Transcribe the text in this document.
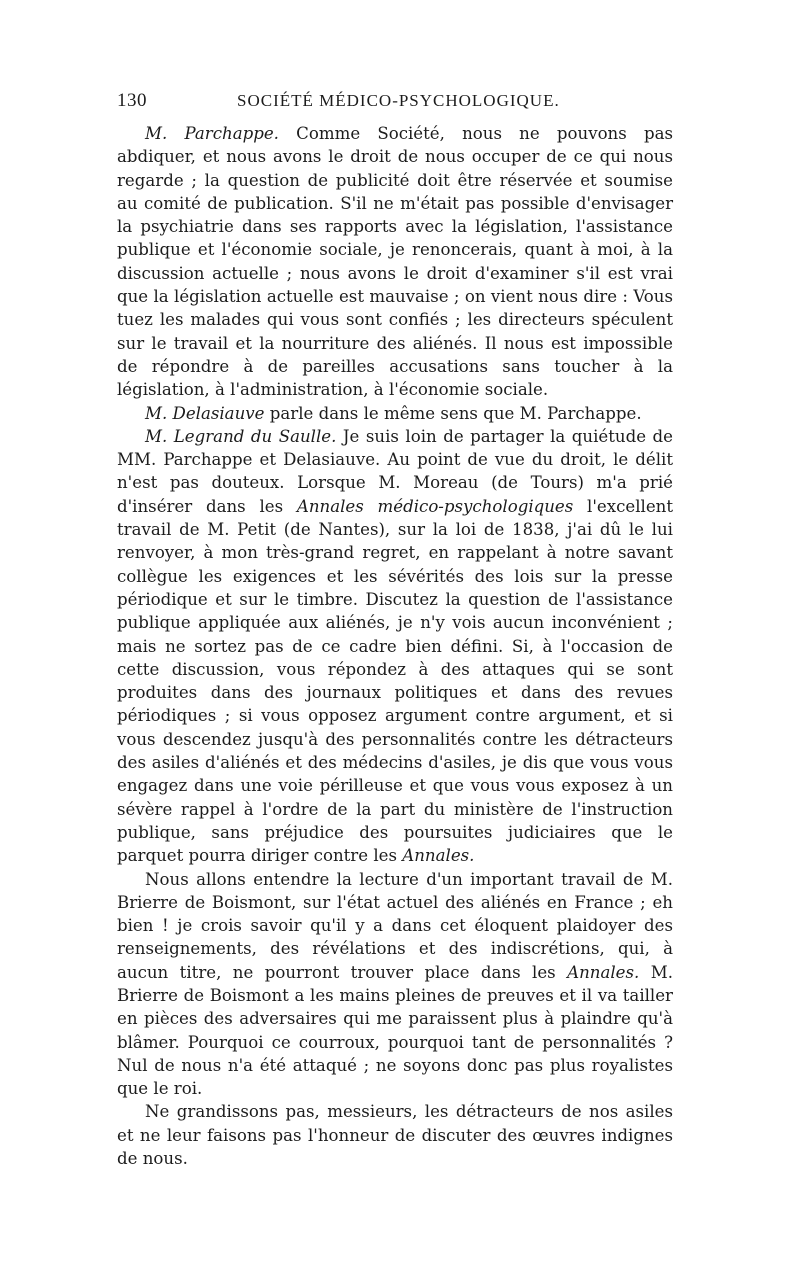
130	SOCIÉTÉ MÉDICO-PSYCHOLOGIQUE.

M. Parchappe. Comme Société, nous ne pouvons pas abdiquer, et nous avons le droit de nous occuper de ce qui nous regarde ; la question de publicité doit être réservée et soumise au comité de publication. S'il ne m'était pas possible d'envisager la psychiatrie dans ses rapports avec la législation, l'assistance publique et l'économie sociale, je renoncerais, quant à moi, à la discussion actuelle ; nous avons le droit d'examiner s'il est vrai que la législation actuelle est mauvaise ; on vient nous dire : Vous tuez les malades qui vous sont confiés ; les directeurs spéculent sur le travail et la nourriture des aliénés. Il nous est impossible de répondre à de pareilles accusations sans toucher à la législation, à l'administration, à l'économie sociale.

M. Delasiauve parle dans le même sens que M. Parchappe.

M. Legrand du Saulle. Je suis loin de partager la quiétude de MM. Parchappe et Delasiauve. Au point de vue du droit, le délit n'est pas douteux. Lorsque M. Moreau (de Tours) m'a prié d'insérer dans les Annales médico-psychologiques l'excellent travail de M. Petit (de Nantes), sur la loi de 1838, j'ai dû le lui renvoyer, à mon très-grand regret, en rappelant à notre savant collègue les exigences et les sévérités des lois sur la presse périodique et sur le timbre. Discutez la question de l'assistance publique appliquée aux aliénés, je n'y vois aucun inconvénient ; mais ne sortez pas de ce cadre bien défini. Si, à l'occasion de cette discussion, vous répondez à des attaques qui se sont produites dans des journaux politiques et dans des revues périodiques ; si vous opposez argument contre argument, et si vous descendez jusqu'à des personnalités contre les détracteurs des asiles d'aliénés et des médecins d'asiles, je dis que vous vous engagez dans une voie périlleuse et que vous vous exposez à un sévère rappel à l'ordre de la part du ministère de l'instruction publique, sans préjudice des poursuites judiciaires que le parquet pourra diriger contre les Annales.

Nous allons entendre la lecture d'un important travail de M. Brierre de Boismont, sur l'état actuel des aliénés en France ; eh bien ! je crois savoir qu'il y a dans cet éloquent plaidoyer des renseignements, des révélations et des indiscrétions, qui, à aucun titre, ne pourront trouver place dans les Annales. M. Brierre de Boismont a les mains pleines de preuves et il va tailler en pièces des adversaires qui me paraissent plus à plaindre qu'à blâmer. Pourquoi ce courroux, pourquoi tant de personnalités ? Nul de nous n'a été attaqué ; ne soyons donc pas plus royalistes que le roi.

Ne grandissons pas, messieurs, les détracteurs de nos asiles et ne leur faisons pas l'honneur de discuter des œuvres indignes de nous.
